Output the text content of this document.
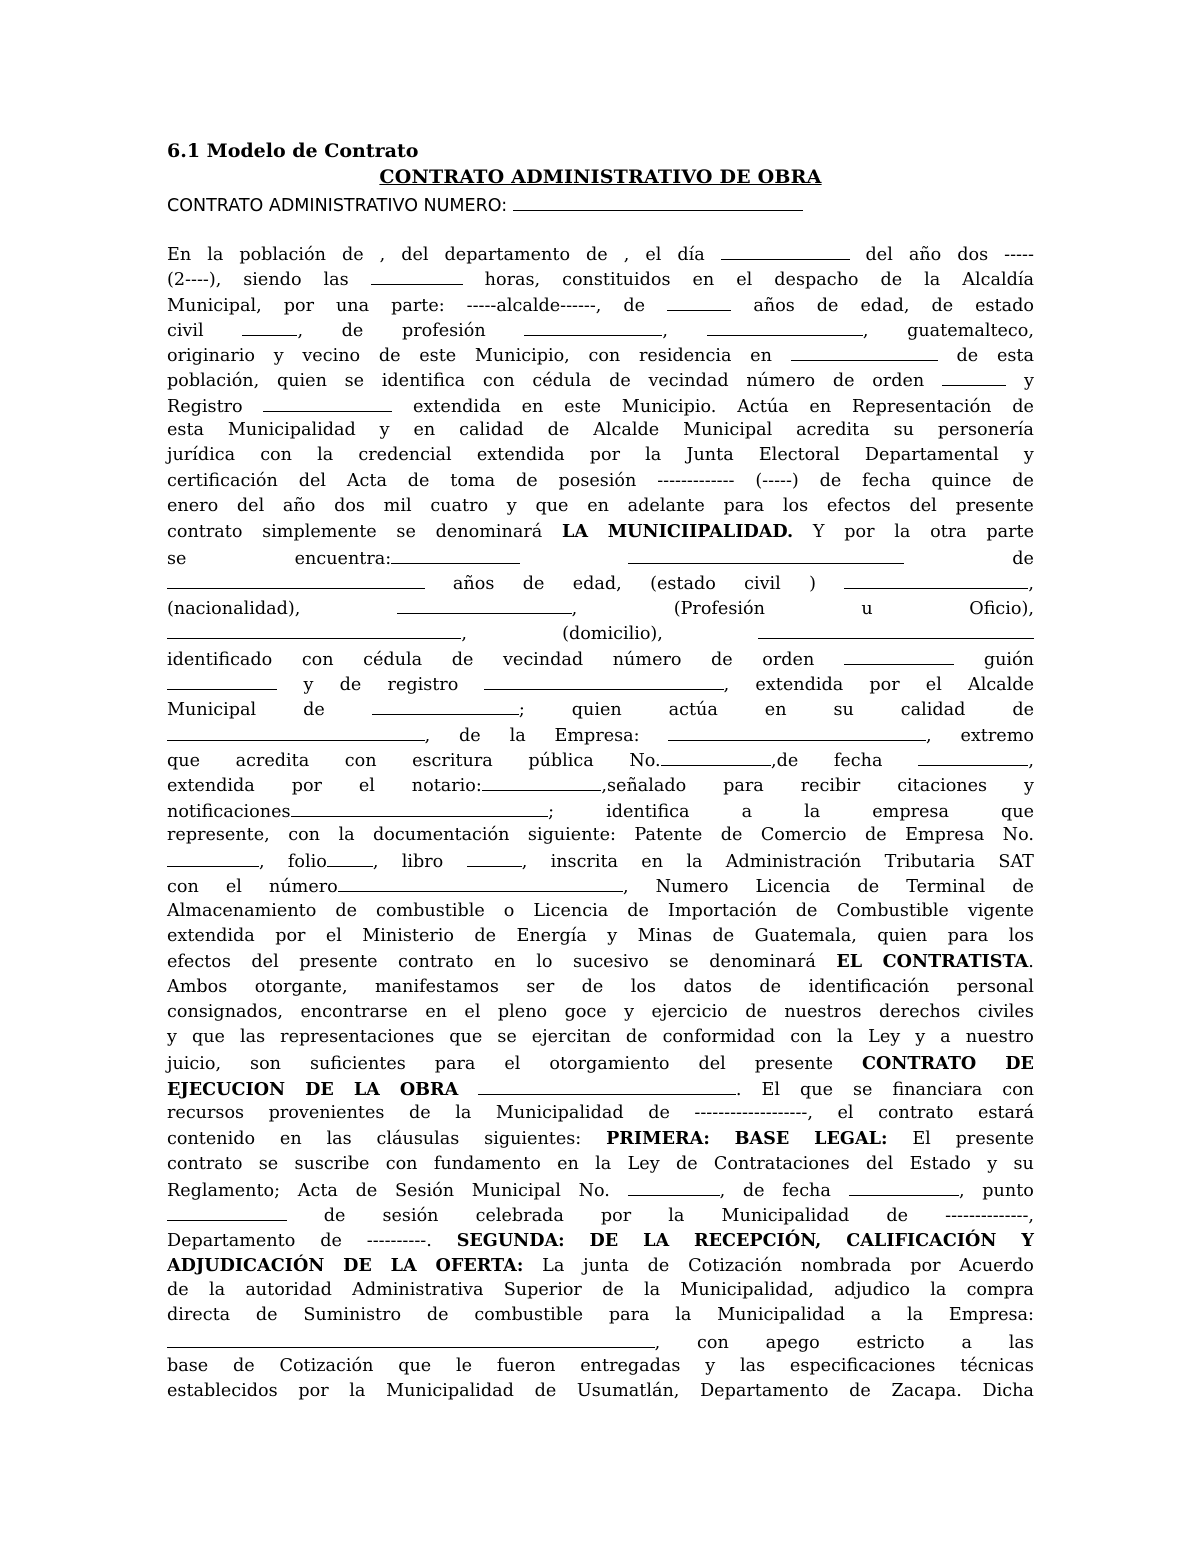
6.1 Modelo de Contrato
CONTRATO ADMINISTRATIVO DE OBRA
CONTRATO ADMINISTRATIVO NUMERO:
En la población de , del departamento de , el día	del año dos -----
(2----), siendo las	horas, constituidos en el despacho de la Alcaldía
Municipal, por una parte: -----alcalde------, de	años de edad, de estado
civil	, de profesión	,	, guatemalteco,
originario y vecino de este Municipio, con residencia en	de esta
población, quien se identifica con cédula de vecindad número de orden	y
Registro	extendida en este Municipio. Actúa en Representación de
esta Municipalidad y en calidad de Alcalde Municipal acredita su personería
jurídica con la credencial extendida por la Junta Electoral Departamental y
certificación del Acta de toma de posesión ------------- (-----) de fecha quince de
enero del año dos mil cuatro y que en adelante para los efectos del presente
contrato simplemente se denominará LA MUNICIIPALIDAD. Y por la otra parte
se	encuentra:	de
años de edad, (estado civil )	,
(nacionalidad),	,	(Profesión	u	Oficio),
,	(domicilio),
identificado con cédula de vecindad número de orden	guión
y de registro	, extendida por el Alcalde
Municipal	de	;	quien	actúa	en	su	calidad	de
, de la Empresa:	, extremo
que acredita con escritura pública No.	,de fecha	,
extendida por el notario:	,señalado para recibir citaciones y
notificaciones	;	identifica	a	la	empresa	que
represente, con la documentación siguiente: Patente de Comercio de Empresa No.
, folio	, libro	, inscrita en la Administración Tributaria SAT
con el número	, Numero Licencia de Terminal de
Almacenamiento de combustible o Licencia de Importación de Combustible vigente
extendida por el Ministerio de Energía y Minas de Guatemala, quien para los
efectos del presente contrato en lo sucesivo se denominará EL CONTRATISTA.
Ambos otorgante, manifestamos ser de los datos de identificación personal
consignados, encontrarse en el pleno goce y ejercicio de nuestros derechos civiles
y que las representaciones que se ejercitan de conformidad con la Ley y a nuestro
juicio, son suficientes para el otorgamiento del presente CONTRATO DE
EJECUCION DE LA OBRA	. El que se financiara con
recursos provenientes de la Municipalidad de -------------------, el contrato estará
contenido en las cláusulas siguientes: PRIMERA: BASE LEGAL: El presente
contrato se suscribe con fundamento en la Ley de Contrataciones del Estado y su
Reglamento; Acta de Sesión Municipal No.	, de fecha	, punto
de sesión celebrada por la Municipalidad de --------------,
Departamento de ----------. SEGUNDA: DE LA RECEPCIÓN, CALIFICACIÓN Y
ADJUDICACIÓN DE LA OFERTA: La junta de Cotización nombrada por Acuerdo
de la autoridad Administrativa Superior de la Municipalidad, adjudico la compra
directa de Suministro de combustible para la Municipalidad a la Empresa:
, con apego estricto a las
base de Cotización que le fueron entregadas y las especificaciones técnicas
establecidos por la Municipalidad de Usumatlán, Departamento de Zacapa. Dicha
